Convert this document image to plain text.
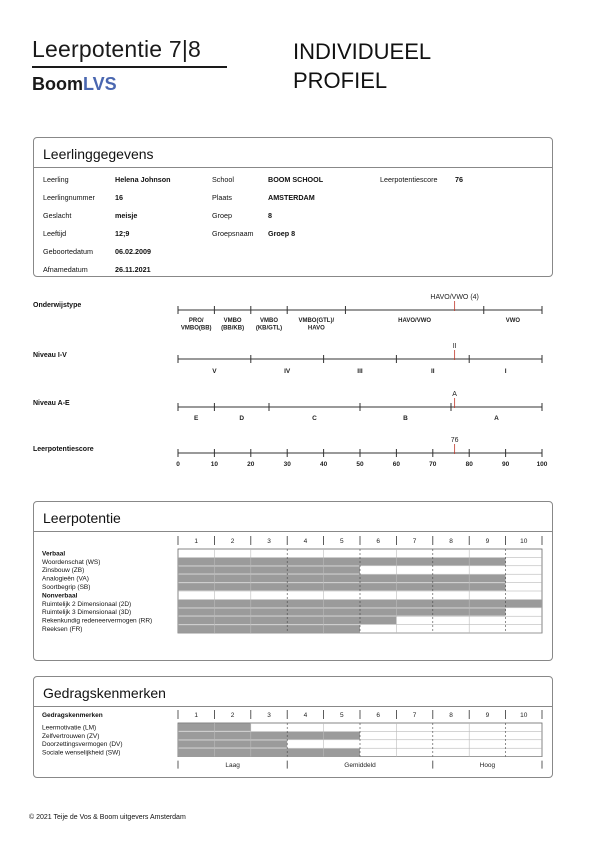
Leerpotentie 7|8
BoomLVS
INDIVIDUEEL
PROFIEL
Leerlinggegevens
Leerling	Helena Johnson
Leerlingnummer	16
Geslacht	meisje
Leeftijd	12;9
Geboortedatum	06.02.2009
Afnamedatum	26.11.2021
School	BOOM SCHOOL
Plaats	AMSTERDAM
Groep	8
Groepsnaam Groep 8
Leerpotentiescore 76
Onderwijstype
Niveau I-V
Niveau A-E
Leerpotentiescore
PRO/
VMBO(BB)
VMBO
(BB/KB)
VMBO
(KB/GTL)
VMBO(GTL)/
HAVO
HAVO/VWO	VWO
HAVO/VWO (4)
V	IV	III	II	I
II
E	D	C	B	A
A
0	10	20	30	40	50	60	70	80	90	100
76
Leerpotentie
1	2	3	4	5	6	7	8	9	10
Verbaal
Woordenschat (WS)
Zinsbouw (ZB)
Analogieën (VA)
Soortbegrip (SB)
Nonverbaal
Ruimtelijk 2 Dimensionaal (2D)
Ruimtelijk 3 Dimensionaal (3D)
Rekenkundig redeneervermogen (RR)
Reeksen (FR)
Gedragskenmerken
1	2	3	4	5	6	7	8	9	10
Gedragskenmerken
Leermotivatie (LM)
Zelfvertrouwen (ZV)
Doorzettingsvermogen (DV)
Sociale wenselijkheid (SW)
Laag	Gemiddeld	Hoog
© 2021 Teije de Vos & Boom uitgevers Amsterdam
